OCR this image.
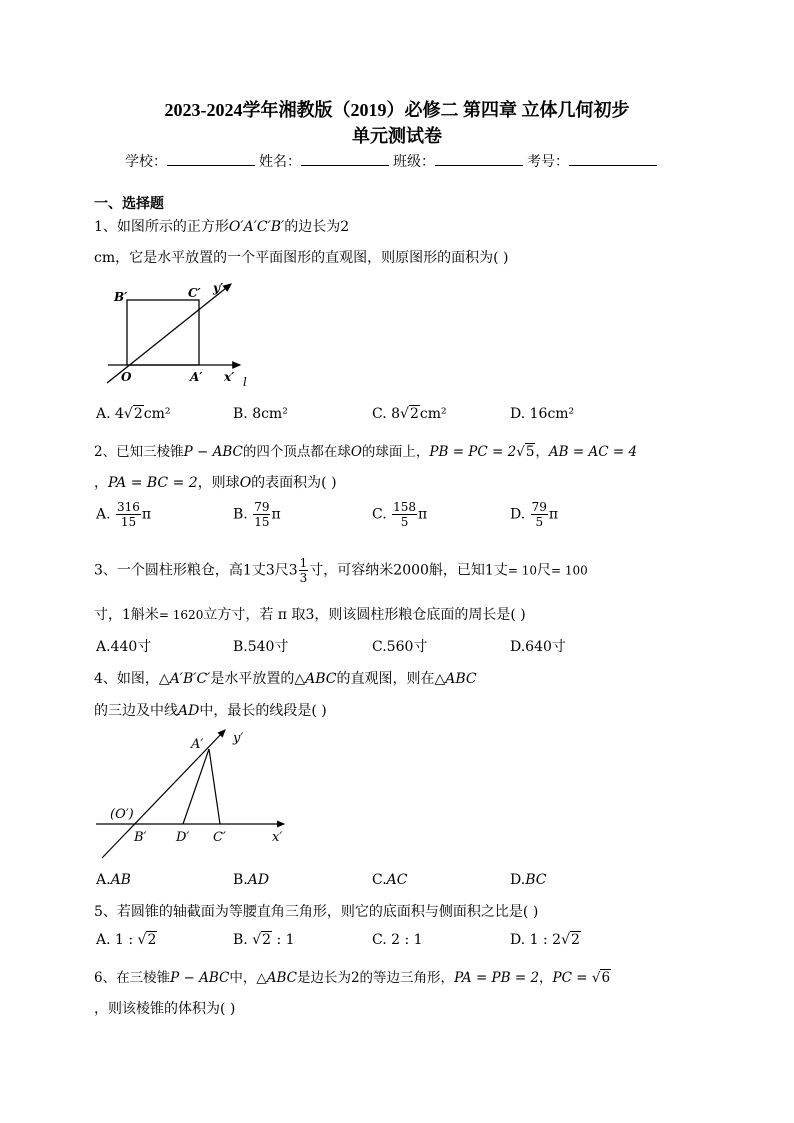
2023-2024学年湘教版（2019）必修二 第四章 立体几何初步
单元测试卷
学校：	姓名：	班级：	考号：
一、选择题
1、如图所示的正方形O′A′C′B′的边长为2
cm，它是水平放置的一个平面图形的直观图，则原图形的面积为( )
B′	C′ y′
O	A′ x′ l
A. 4√2cm²	B. 8cm²	C. 8√2cm²	D. 16cm²
2、已知三棱锥P − ABC的四个顶点都在球O的球面上，PB = PC = 2√5，AB = AC = 4
，PA = BC = 2，则球O的表面积为( )
A. $\frac{316}{15}$ π	B. $\frac{79}{15}$ π	C. $\frac{158}{5}$ π	D. $\frac{79}{5}$ π
3、一个圆柱形粮仓，高1丈3尺$3 \frac{1}{3}$ 寸，可容纳米2000斛，已知1丈= 10尺= 100
寸，1斛米= 1620立方寸，若 π 取3，则该圆柱形粮仓底面的周长是( )
A.440寸	B.540寸	C.560寸	D.640寸
4、如图，△A′B′C′是水平放置的△ABC的直观图，则在△ABC
的三边及中线AD中，最长的线段是( )
A′ y′
(O′)
B′ D′ C′	x′
A.AB	B.AD	C.AC	D.BC
5、若圆锥的轴截面为等腰直角三角形，则它的底面积与侧面积之比是( )
A. 1 : √2	B. √2 : 1	C. 2 : 1	D. 1 : 2√2
6、在三棱锥P − ABC中，△ABC是边长为2的等边三角形，PA = PB = 2，PC = √6
，则该棱锥的体积为( )
